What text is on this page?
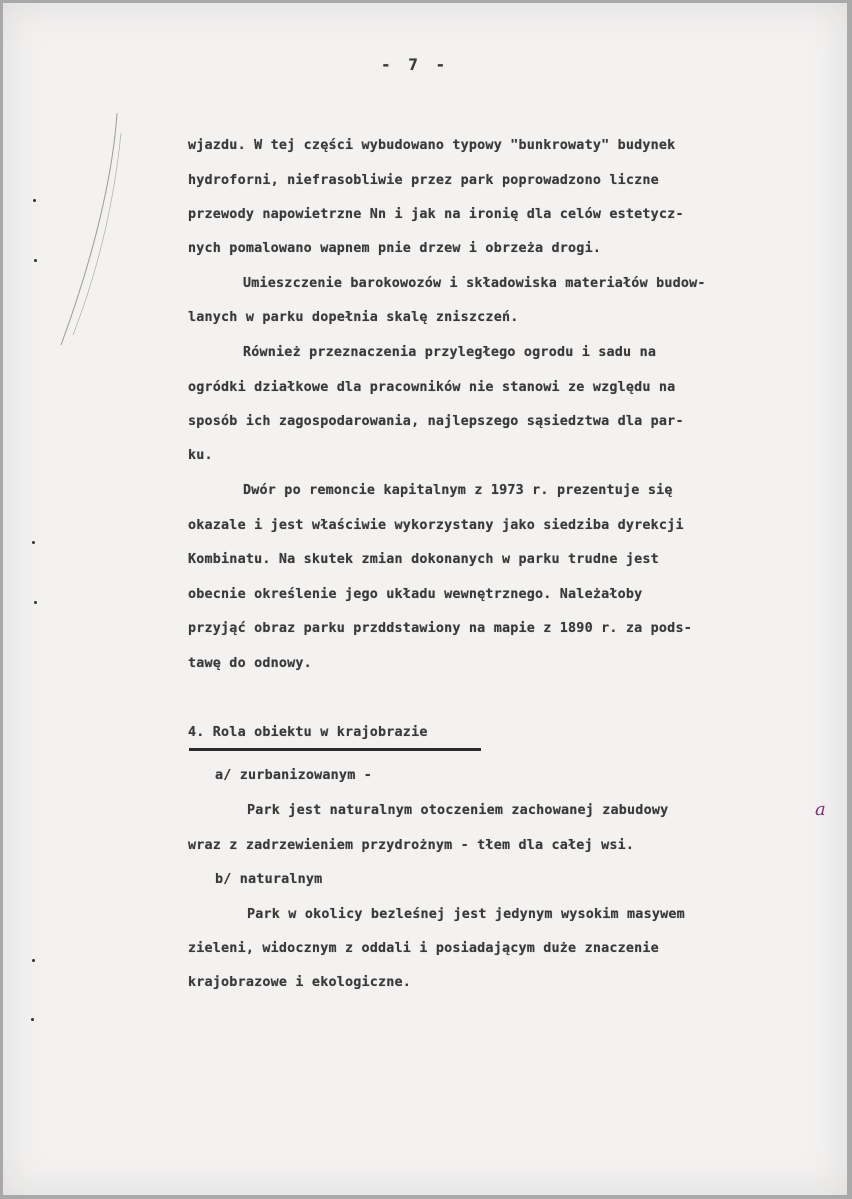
- 7 -
wjazdu. W tej części wybudowano typowy "bunkrowaty" budynek
hydroforni, niefrasobliwie przez park poprowadzono liczne
przewody napowietrzne Nn i jak na ironię dla celów estetycz-
nych pomalowano wapnem pnie drzew i obrzeża drogi.
Umieszczenie barokowozów i składowiska materiałów budow-
lanych w parku dopełnia skalę zniszczeń.
Również przeznaczenia przyległego ogrodu i sadu na
ogródki działkowe dla pracowników nie stanowi ze względu na
sposób ich zagospodarowania, najlepszego sąsiedztwa dla par-
ku.
Dwór po remoncie kapitalnym z 1973 r. prezentuje się
okazale i jest właściwie wykorzystany jako siedziba dyrekcji
Kombinatu. Na skutek zmian dokonanych w parku trudne jest
obecnie określenie jego układu wewnętrznego. Należałoby
przyjąć obraz parku przddstawiony na mapie z 1890 r. za pods-
tawę do odnowy.
4. Rola obiektu w krajobrazie
a/ zurbanizowanym -
Park jest naturalnym otoczeniem zachowanej zabudowy	a
wraz z zadrzewieniem przydrożnym - tłem dla całej wsi.
b/ naturalnym
Park w okolicy bezleśnej jest jedynym wysokim masywem
zieleni, widocznym z oddali i posiadającym duże znaczenie
krajobrazowe i ekologiczne.
